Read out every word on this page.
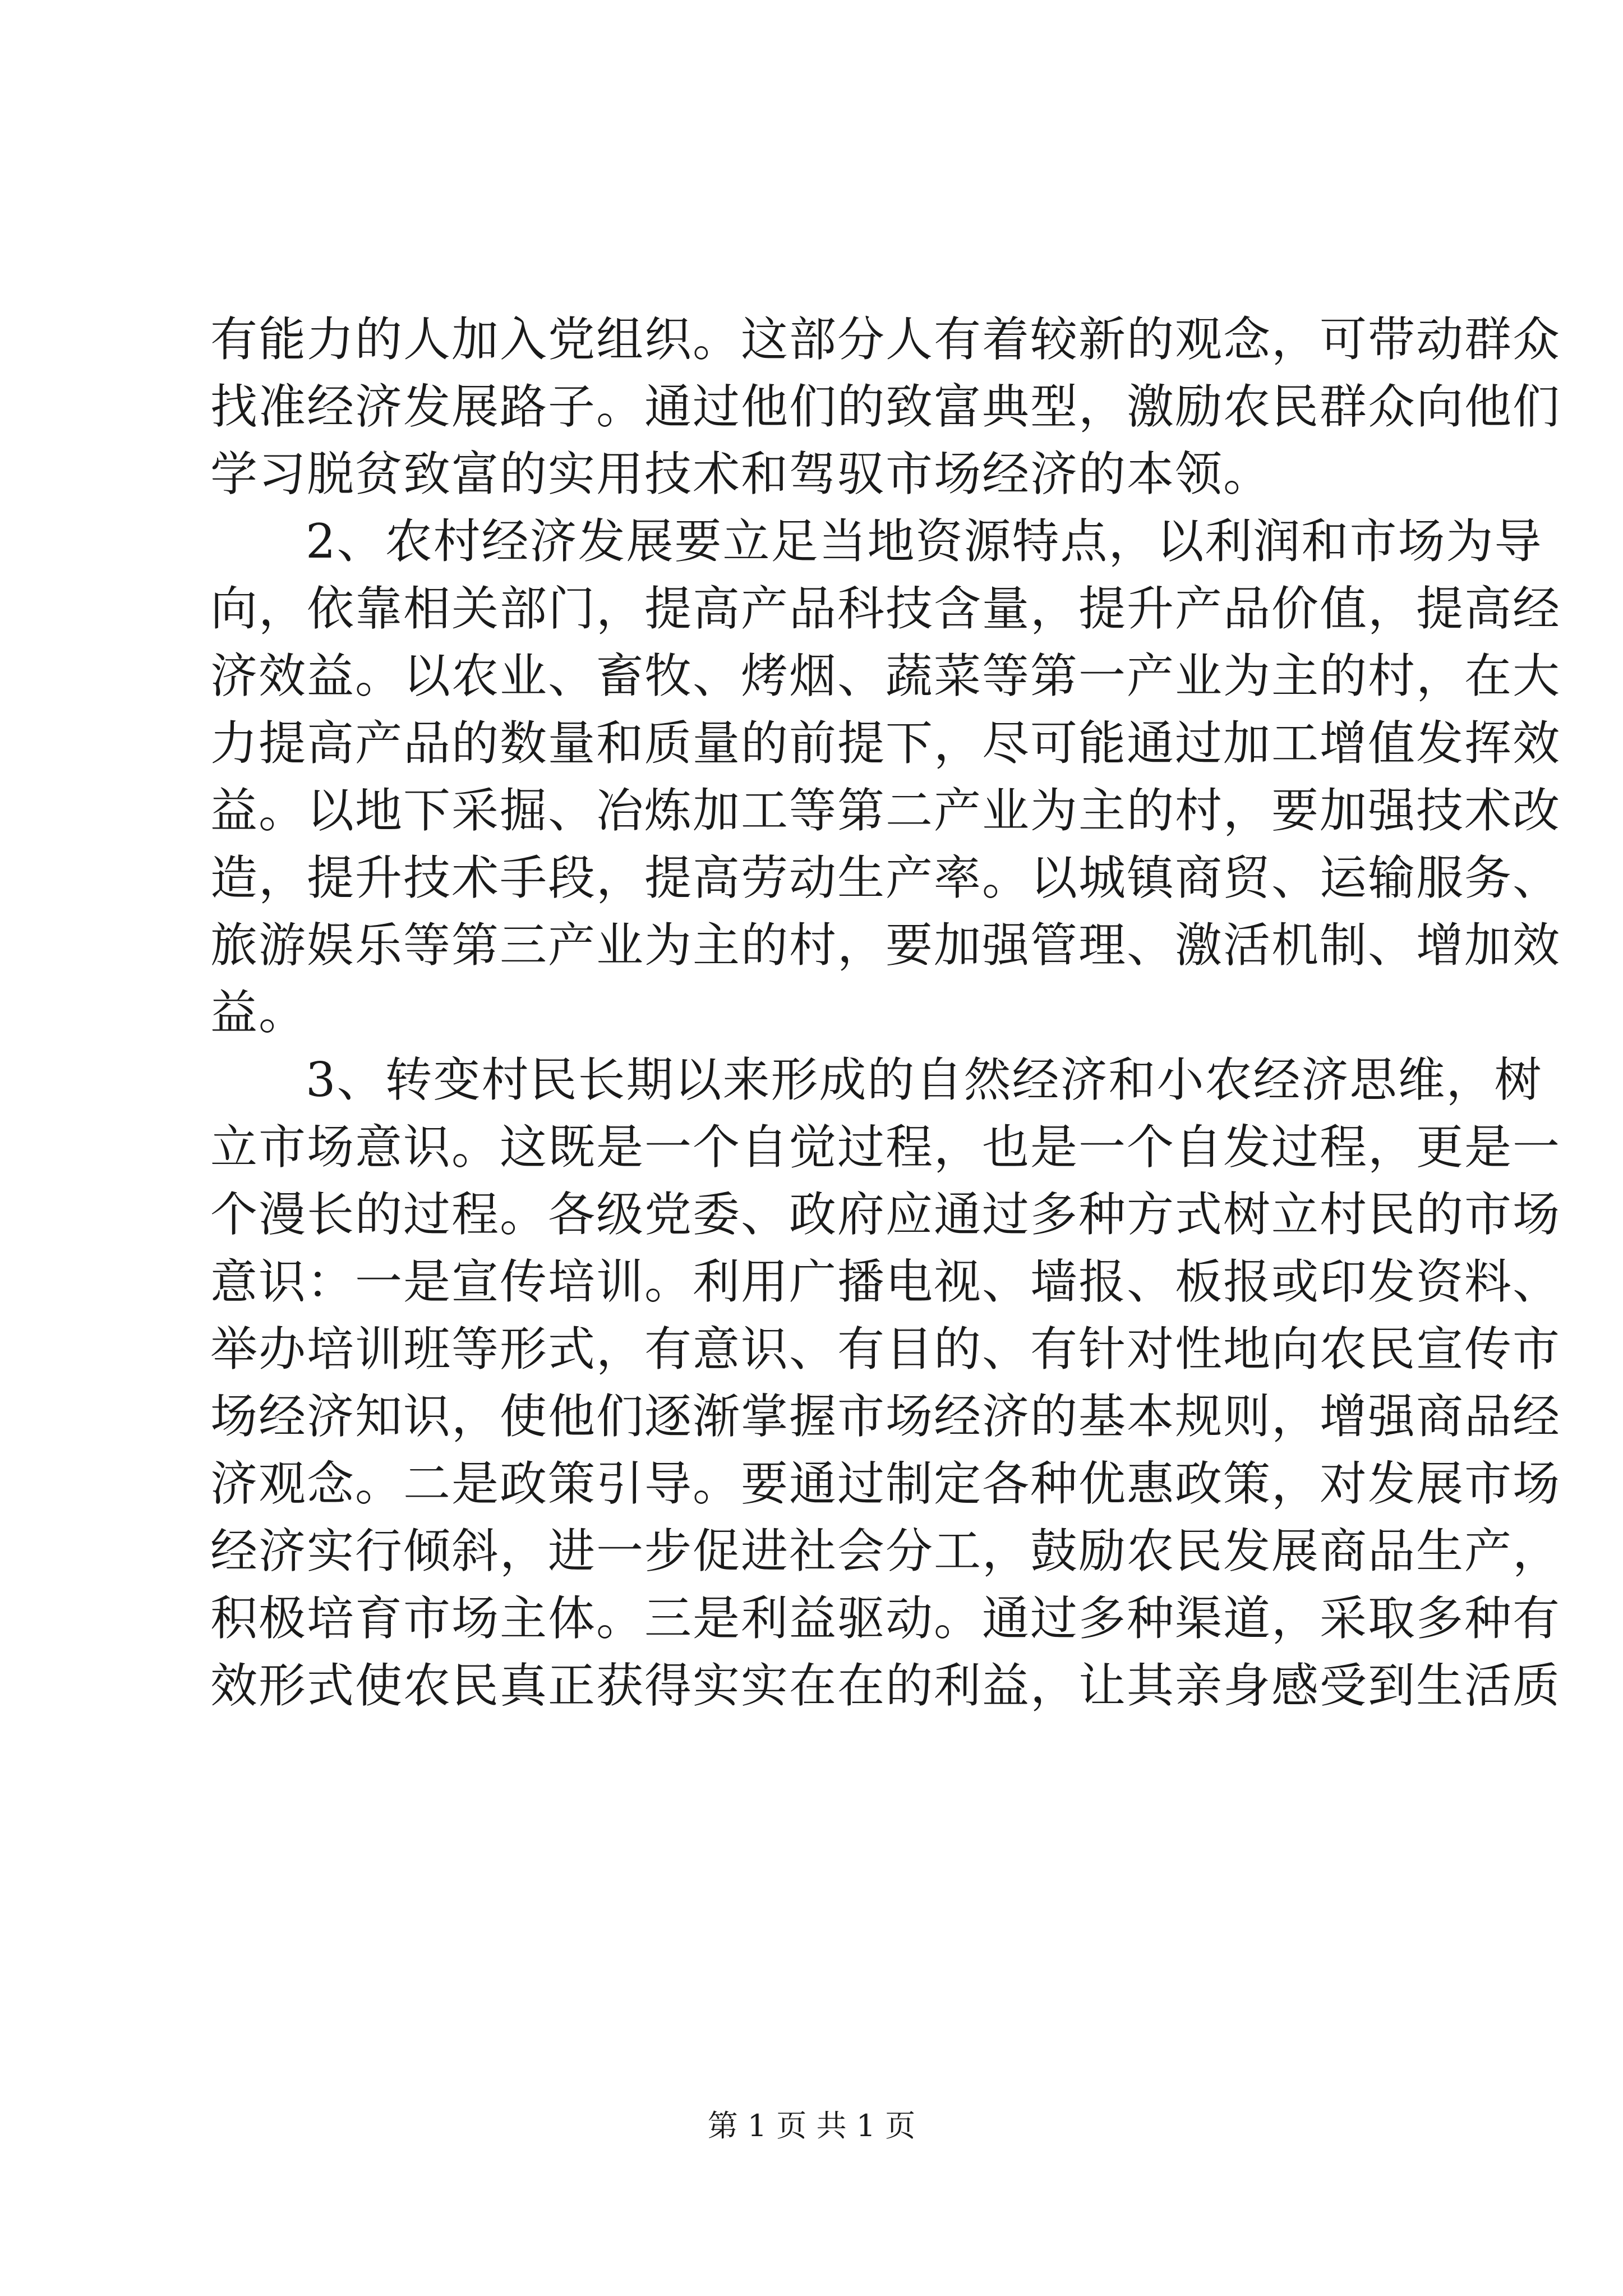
有能力的人加入党组织。这部分人有着较新的观念，可带动群众
找准经济发展路子。通过他们的致富典型，激励农民群众向他们
学习脱贫致富的实用技术和驾驭市场经济的本领。
2、农村经济发展要立足当地资源特点，以利润和市场为导
向，依靠相关部门，提高产品科技含量，提升产品价值，提高经
济效益。以农业、畜牧、烤烟、蔬菜等第一产业为主的村，在大
力提高产品的数量和质量的前提下，尽可能通过加工增值发挥效
益。以地下采掘、冶炼加工等第二产业为主的村，要加强技术改
造，提升技术手段，提高劳动生产率。以城镇商贸、运输服务、
旅游娱乐等第三产业为主的村，要加强管理、激活机制、增加效
益。
3、转变村民长期以来形成的自然经济和小农经济思维，树
立市场意识。这既是一个自觉过程，也是一个自发过程，更是一
个漫长的过程。各级党委、政府应通过多种方式树立村民的市场
意识：一是宣传培训。利用广播电视、墙报、板报或印发资料、
举办培训班等形式，有意识、有目的、有针对性地向农民宣传市
场经济知识，使他们逐渐掌握市场经济的基本规则，增强商品经
济观念。二是政策引导。要通过制定各种优惠政策，对发展市场
经济实行倾斜，进一步促进社会分工，鼓励农民发展商品生产，
积极培育市场主体。三是利益驱动。通过多种渠道，采取多种有
效形式使农民真正获得实实在在的利益，让其亲身感受到生活质
第 1 页 共 1 页
